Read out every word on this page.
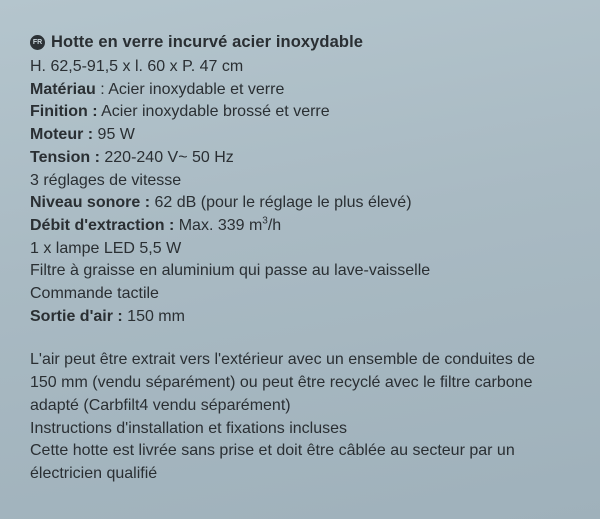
FR Hotte en verre incurvé acier inoxydable
H. 62,5-91,5 x l. 60 x P. 47 cm
Matériau : Acier inoxydable et verre
Finition : Acier inoxydable brossé et verre
Moteur : 95 W
Tension : 220-240 V~ 50 Hz
3 réglages de vitesse
Niveau sonore : 62 dB (pour le réglage le plus élevé)
Débit d'extraction : Max. 339 $m^3/h$
1 x lampe LED 5,5 W
Filtre à graisse en aluminium qui passe au lave-vaisselle
Commande tactile
Sortie d'air : 150 mm
L'air peut être extrait vers l'extérieur avec un ensemble de conduites de
150 mm (vendu séparément) ou peut être recyclé avec le filtre carbone
adapté (Carbfilt4 vendu séparément)
Instructions d'installation et fixations incluses
Cette hotte est livrée sans prise et doit être câblée au secteur par un
électricien qualifié
